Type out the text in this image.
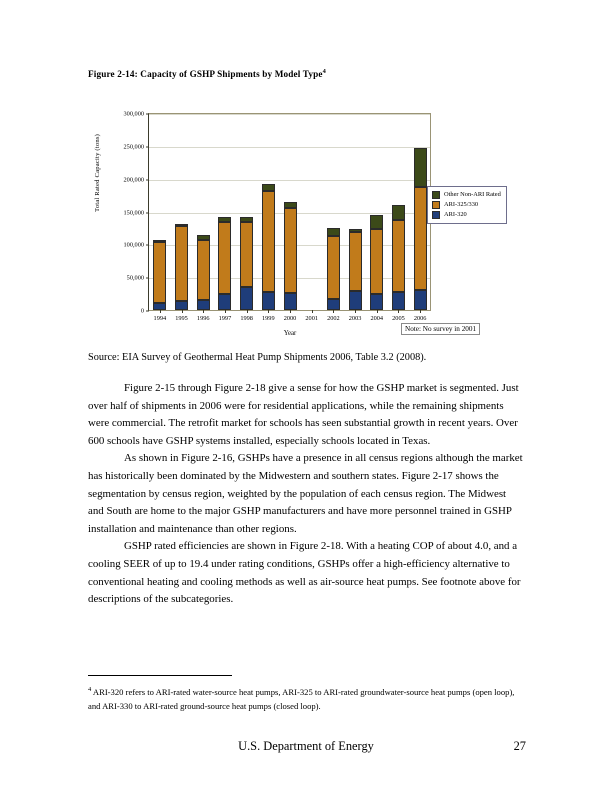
Figure 2-14: Capacity of GSHP Shipments by Model Type$^4$
Total Rated Capacity (tons)
0
50,000
100,000
150,000
200,000
250,000
300,000
Year
Other Non-ARI Rated
ARI-325/330
ARI-320
Note: No survey in 2001
1994 1995 1996 1997 1998 1999 2000 2001 2002 2003 2004 2005 2006
Source: EIA Survey of Geothermal Heat Pump Shipments 2006, Table 3.2 (2008).

Figure 2-15 through Figure 2-18 give a sense for how the GSHP market is segmented. Just over half of shipments in 2006 were for residential applications, while the remaining shipments were commercial. The retrofit market for schools has seen substantial growth in recent years. Over 600 schools have GSHP systems installed, especially schools located in Texas.

As shown in Figure 2-16, GSHPs have a presence in all census regions although the market has historically been dominated by the Midwestern and southern states. Figure 2-17 shows the segmentation by census region, weighted by the population of each census region. The Midwest and South are home to the major GSHP manufacturers and have more personnel trained in GSHP installation and maintenance than other regions.

GSHP rated efficiencies are shown in Figure 2-18. With a heating COP of about 4.0, and a cooling SEER of up to 19.4 under rating conditions, GSHPs offer a high-efficiency alternative to conventional heating and cooling methods as well as air-source heat pumps. See footnote above for descriptions of the subcategories.

$^4$ ARI-320 refers to ARI-rated water-source heat pumps, ARI-325 to ARI-rated groundwater-source heat pumps (open loop), and ARI-330 to ARI-rated ground-source heat pumps (closed loop).
U.S. Department of Energy	27
